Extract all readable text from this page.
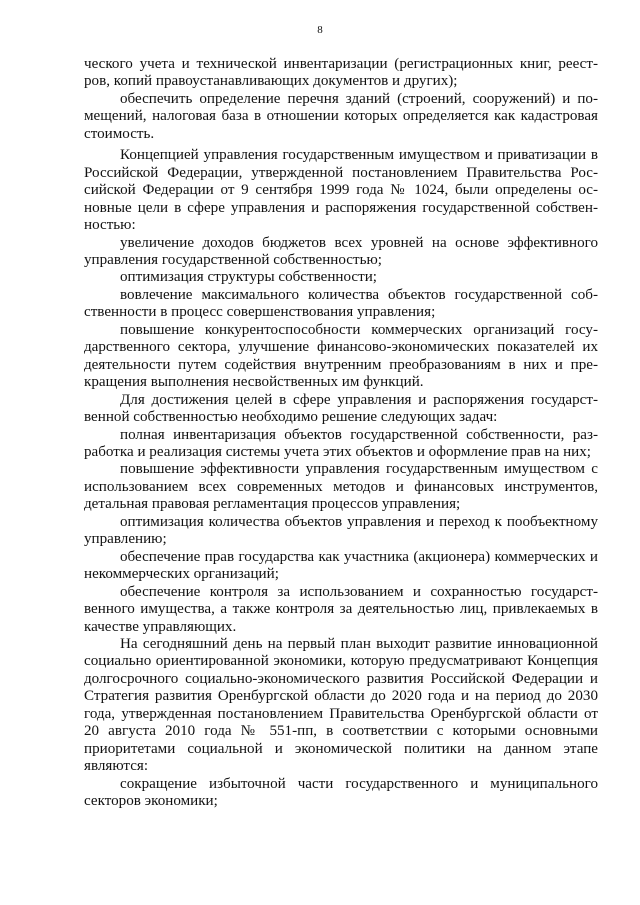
8

ческого учета и технической инвентаризации (регистрационных книг, реестров, копий правоустанавливающих документов и других);

обеспечить определение перечня зданий (строений, сооружений) и помещений, налоговая база в отношении которых определяется как кадастровая стоимость.

Концепцией управления государственным имуществом и приватизации в Российской Федерации, утвержденной постановлением Правительства Российской Федерации от 9 сентября 1999 года № 1024, были определены основные цели в сфере управления и распоряжения государственной собственностью:

увеличение доходов бюджетов всех уровней на основе эффективного управления государственной собственностью;

оптимизация структуры собственности;

вовлечение максимального количества объектов государственной собственности в процесс совершенствования управления;

повышение конкурентоспособности коммерческих организаций государственного сектора, улучшение финансово-экономических показателей их деятельности путем содействия внутренним преобразованиям в них и прекращения выполнения несвойственных им функций.

Для достижения целей в сфере управления и распоряжения государственной собственностью необходимо решение следующих задач:

полная инвентаризация объектов государственной собственности, разработка и реализация системы учета этих объектов и оформление прав на них;

повышение эффективности управления государственным имуществом с использованием всех современных методов и финансовых инструментов, детальная правовая регламентация процессов управления;

оптимизация количества объектов управления и переход к пообъектному управлению;

обеспечение прав государства как участника (акционера) коммерческих и некоммерческих организаций;

обеспечение контроля за использованием и сохранностью государственного имущества, а также контроля за деятельностью лиц, привлекаемых в качестве управляющих.

На сегодняшний день на первый план выходит развитие инновационной социально ориентированной экономики, которую предусматривают Концепция долгосрочного социально-экономического развития Российской Федерации и Стратегия развития Оренбургской области до 2020 года и на период до 2030 года, утвержденная постановлением Правительства Оренбургской области от 20 августа 2010 года № 551-пп, в соответствии с которыми основными приоритетами социальной и экономической политики на данном этапе являются:

сокращение избыточной части государственного и муниципального секторов экономики;
